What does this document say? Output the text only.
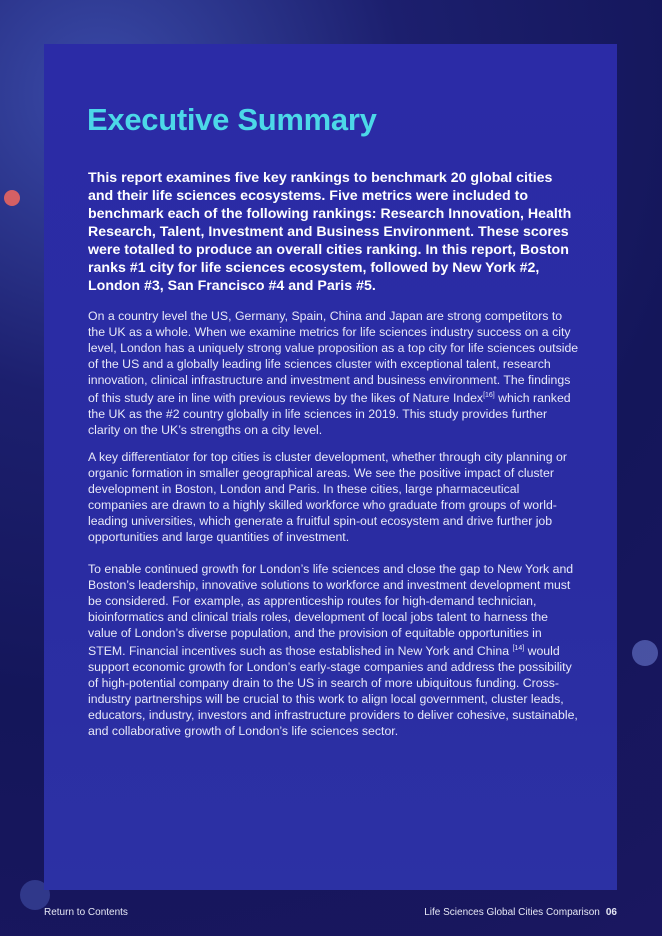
Executive Summary

This report examines five key rankings to benchmark 20 global cities and their life sciences ecosystems. Five metrics were included to benchmark each of the following rankings: Research Innovation, Health Research, Talent, Investment and Business Environment. These scores were totalled to produce an overall cities ranking. In this report, Boston ranks #1 city for life sciences ecosystem, followed by New York #2, London #3, San Francisco #4 and Paris #5.

On a country level the US, Germany, Spain, China and Japan are strong competitors to the UK as a whole. When we examine metrics for life sciences industry success on a city level, London has a uniquely strong value proposition as a top city for life sciences outside of the US and a globally leading life sciences cluster with exceptional talent, research innovation, clinical infrastructure and investment and business environment. The findings of this study are in line with previous reviews by the likes of Nature Index[16] which ranked the UK as the #2 country globally in life sciences in 2019. This study provides further clarity on the UK’s strengths on a city level.

A key differentiator for top cities is cluster development, whether through city planning or organic formation in smaller geographical areas. We see the positive impact of cluster development in Boston, London and Paris. In these cities, large pharmaceutical companies are drawn to a highly skilled workforce who graduate from groups of world-leading universities, which generate a fruitful spin-out ecosystem and drive further job opportunities and large quantities of investment.

To enable continued growth for London’s life sciences and close the gap to New York and Boston’s leadership, innovative solutions to workforce and investment development must be considered. For example, as apprenticeship routes for high-demand technician, bioinformatics and clinical trials roles, development of local jobs talent to harness the value of London’s diverse population, and the provision of equitable opportunities in STEM. Financial incentives such as those established in New York and China [14] would support economic growth for London’s early-stage companies and address the possibility of high-potential company drain to the US in search of more ubiquitous funding. Cross-industry partnerships will be crucial to this work to align local government, cluster leads, educators, industry, investors and infrastructure providers to deliver cohesive, sustainable, and collaborative growth of London’s life sciences sector.

Return to Contents	Life Sciences Global Cities Comparison 06
